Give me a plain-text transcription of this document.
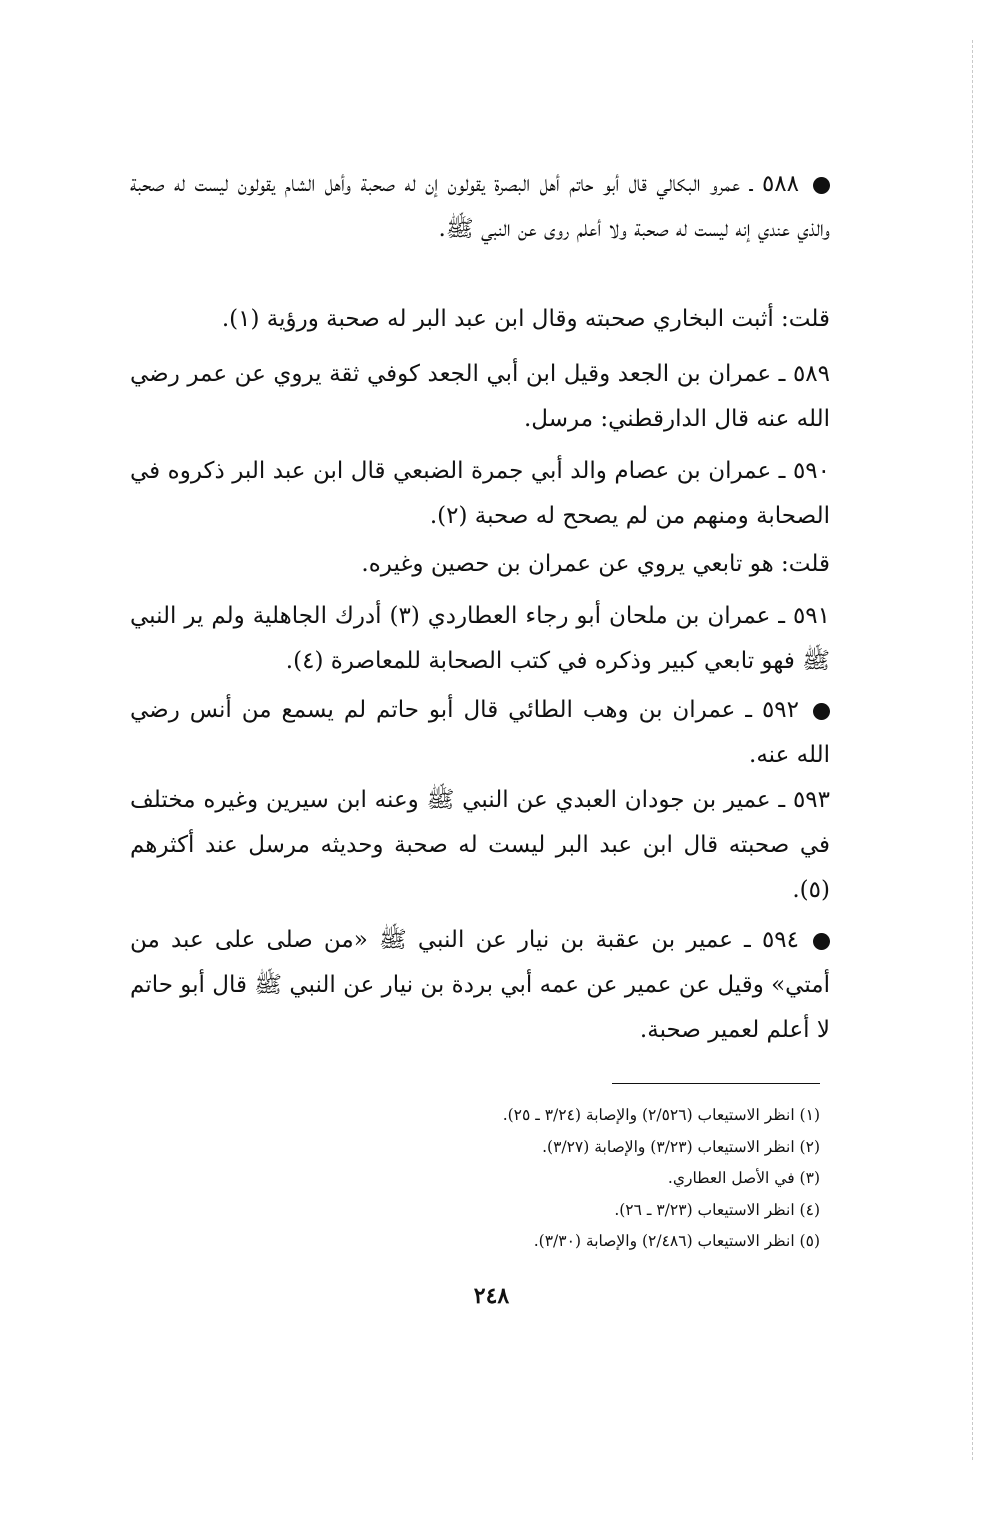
٥٨٨ ـ عمرو البكالي قال أبو حاتم أهل البصرة يقولون إن له صحبة وأهل الشام يقولون ليست له صحبة والذي عندي إنه ليست له صحبة ولا أعلم روى عن النبي ﷺ.

قلت: أثبت البخاري صحبته وقال ابن عبد البر له صحبة ورؤية (١).

٥٨٩ ـ عمران بن الجعد وقيل ابن أبي الجعد كوفي ثقة يروي عن عمر رضي الله عنه قال الدارقطني: مرسل.

٥٩٠ ـ عمران بن عصام والد أبي جمرة الضبعي قال ابن عبد البر ذكروه في الصحابة ومنهم من لم يصحح له صحبة (٢).

قلت: هو تابعي يروي عن عمران بن حصين وغيره.

٥٩١ ـ عمران بن ملحان أبو رجاء العطاردي (٣) أدرك الجاهلية ولم ير النبي ﷺ فهو تابعي كبير وذكره في كتب الصحابة للمعاصرة (٤).

٥٩٢ ـ عمران بن وهب الطائي قال أبو حاتم لم يسمع من أنس رضي الله عنه.

٥٩٣ ـ عمير بن جودان العبدي عن النبي ﷺ وعنه ابن سيرين وغيره مختلف في صحبته قال ابن عبد البر ليست له صحبة وحديثه مرسل عند أكثرهم (٥).

٥٩٤ ـ عمير بن عقبة بن نيار عن النبي ﷺ «من صلى على عبد من أمتي» وقيل عن عمير عن عمه أبي بردة بن نيار عن النبي ﷺ قال أبو حاتم لا أعلم لعمير صحبة.

(١) انظر الاستيعاب (٢/٥٢٦) والإصابة (٣/٢٤ ـ ٢٥).
(٢) انظر الاستيعاب (٣/٢٣) والإصابة (٣/٢٧).
(٣) في الأصل العطاري.
(٤) انظر الاستيعاب (٣/٢٣ ـ ٢٦).
(٥) انظر الاستيعاب (٢/٤٨٦) والإصابة (٣/٣٠).
٢٤٨
